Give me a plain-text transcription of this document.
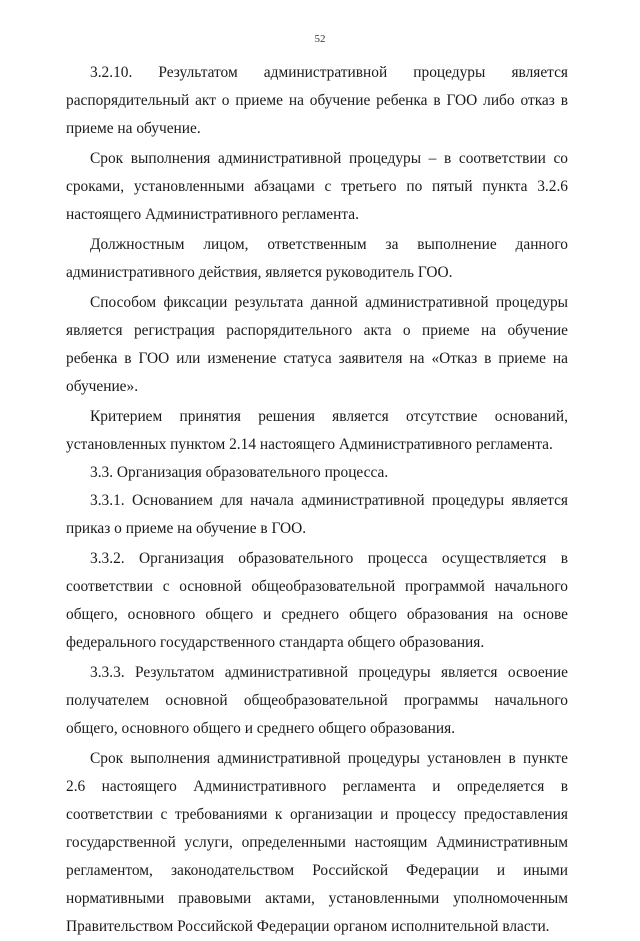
52

3.2.10. Результатом административной процедуры является распорядительный акт о приеме на обучение ребенка в ГОО либо отказ в приеме на обучение.

Срок выполнения административной процедуры – в соответствии со сроками, установленными абзацами с третьего по пятый пункта 3.2.6 настоящего Административного регламента.

Должностным лицом, ответственным за выполнение данного административного действия, является руководитель ГОО.

Способом фиксации результата данной административной процедуры является регистрация распорядительного акта о приеме на обучение ребенка в ГОО или изменение статуса заявителя на «Отказ в приеме на обучение».

Критерием принятия решения является отсутствие оснований, установленных пунктом 2.14 настоящего Административного регламента.

3.3. Организация образовательного процесса.

3.3.1. Основанием для начала административной процедуры является приказ о приеме на обучение в ГОО.

3.3.2. Организация образовательного процесса осуществляется в соответствии с основной общеобразовательной программой начального общего, основного общего и среднего общего образования на основе федерального государственного стандарта общего образования.

3.3.3. Результатом административной процедуры является освоение получателем основной общеобразовательной программы начального общего, основного общего и среднего общего образования.

Срок выполнения административной процедуры установлен в пункте 2.6 настоящего Административного регламента и определяется в соответствии с требованиями к организации и процессу предоставления государственной услуги, определенными настоящим Административным регламентом, законодательством Российской Федерации и иными нормативными правовыми актами, установленными уполномоченным Правительством Российской Федерации органом исполнительной власти.
